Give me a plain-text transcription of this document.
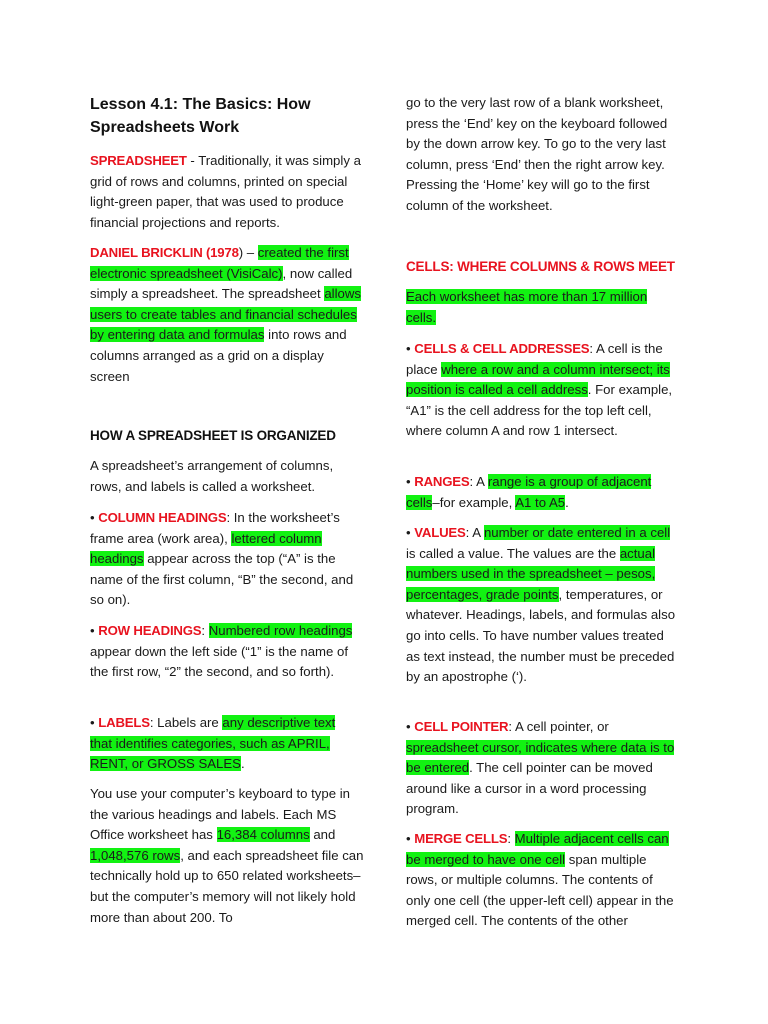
Lesson 4.1: The Basics: How Spreadsheets Work

SPREADSHEET - Traditionally, it was simply a grid of rows and columns, printed on special light-green paper, that was used to produce financial projections and reports.

DANIEL BRICKLIN (1978) – created the first electronic spreadsheet (VisiCalc), now called simply a spreadsheet. The spreadsheet allows users to create tables and financial schedules by entering data and formulas into rows and columns arranged as a grid on a display screen

HOW A SPREADSHEET IS ORGANIZED

A spreadsheet’s arrangement of columns, rows, and labels is called a worksheet.

• COLUMN HEADINGS: In the worksheet’s frame area (work area), lettered column headings appear across the top (“A” is the name of the first column, “B” the second, and so on).

• ROW HEADINGS: Numbered row headings appear down the left side (“1” is the name of the first row, “2” the second, and so forth).

• LABELS: Labels are any descriptive text that identifies categories, such as APRIL, RENT, or GROSS SALES.

You use your computer’s keyboard to type in the various headings and labels. Each MS Office worksheet has 16,384 columns and 1,048,576 rows, and each spreadsheet file can technically hold up to 650 related worksheets–but the computer’s memory will not likely hold more than about 200. To

go to the very last row of a blank worksheet, press the ‘End’ key on the keyboard followed by the down arrow key. To go to the very last column, press ‘End’ then the right arrow key. Pressing the ‘Home’ key will go to the first column of the worksheet.

CELLS: WHERE COLUMNS & ROWS MEET

Each worksheet has more than 17 million cells.

• CELLS & CELL ADDRESSES: A cell is the place where a row and a column intersect; its position is called a cell address. For example, “A1” is the cell address for the top left cell, where column A and row 1 intersect.

• RANGES: A range is a group of adjacent cells–for example, A1 to A5.

• VALUES: A number or date entered in a cell is called a value. The values are the actual numbers used in the spreadsheet – pesos, percentages, grade points, temperatures, or whatever. Headings, labels, and formulas also go into cells. To have number values treated as text instead, the number must be preceded by an apostrophe (‘).

• CELL POINTER: A cell pointer, or spreadsheet cursor, indicates where data is to be entered. The cell pointer can be moved around like a cursor in a word processing program.

• MERGE CELLS: Multiple adjacent cells can be merged to have one cell span multiple rows, or multiple columns. The contents of only one cell (the upper-left cell) appear in the merged cell. The contents of the other
